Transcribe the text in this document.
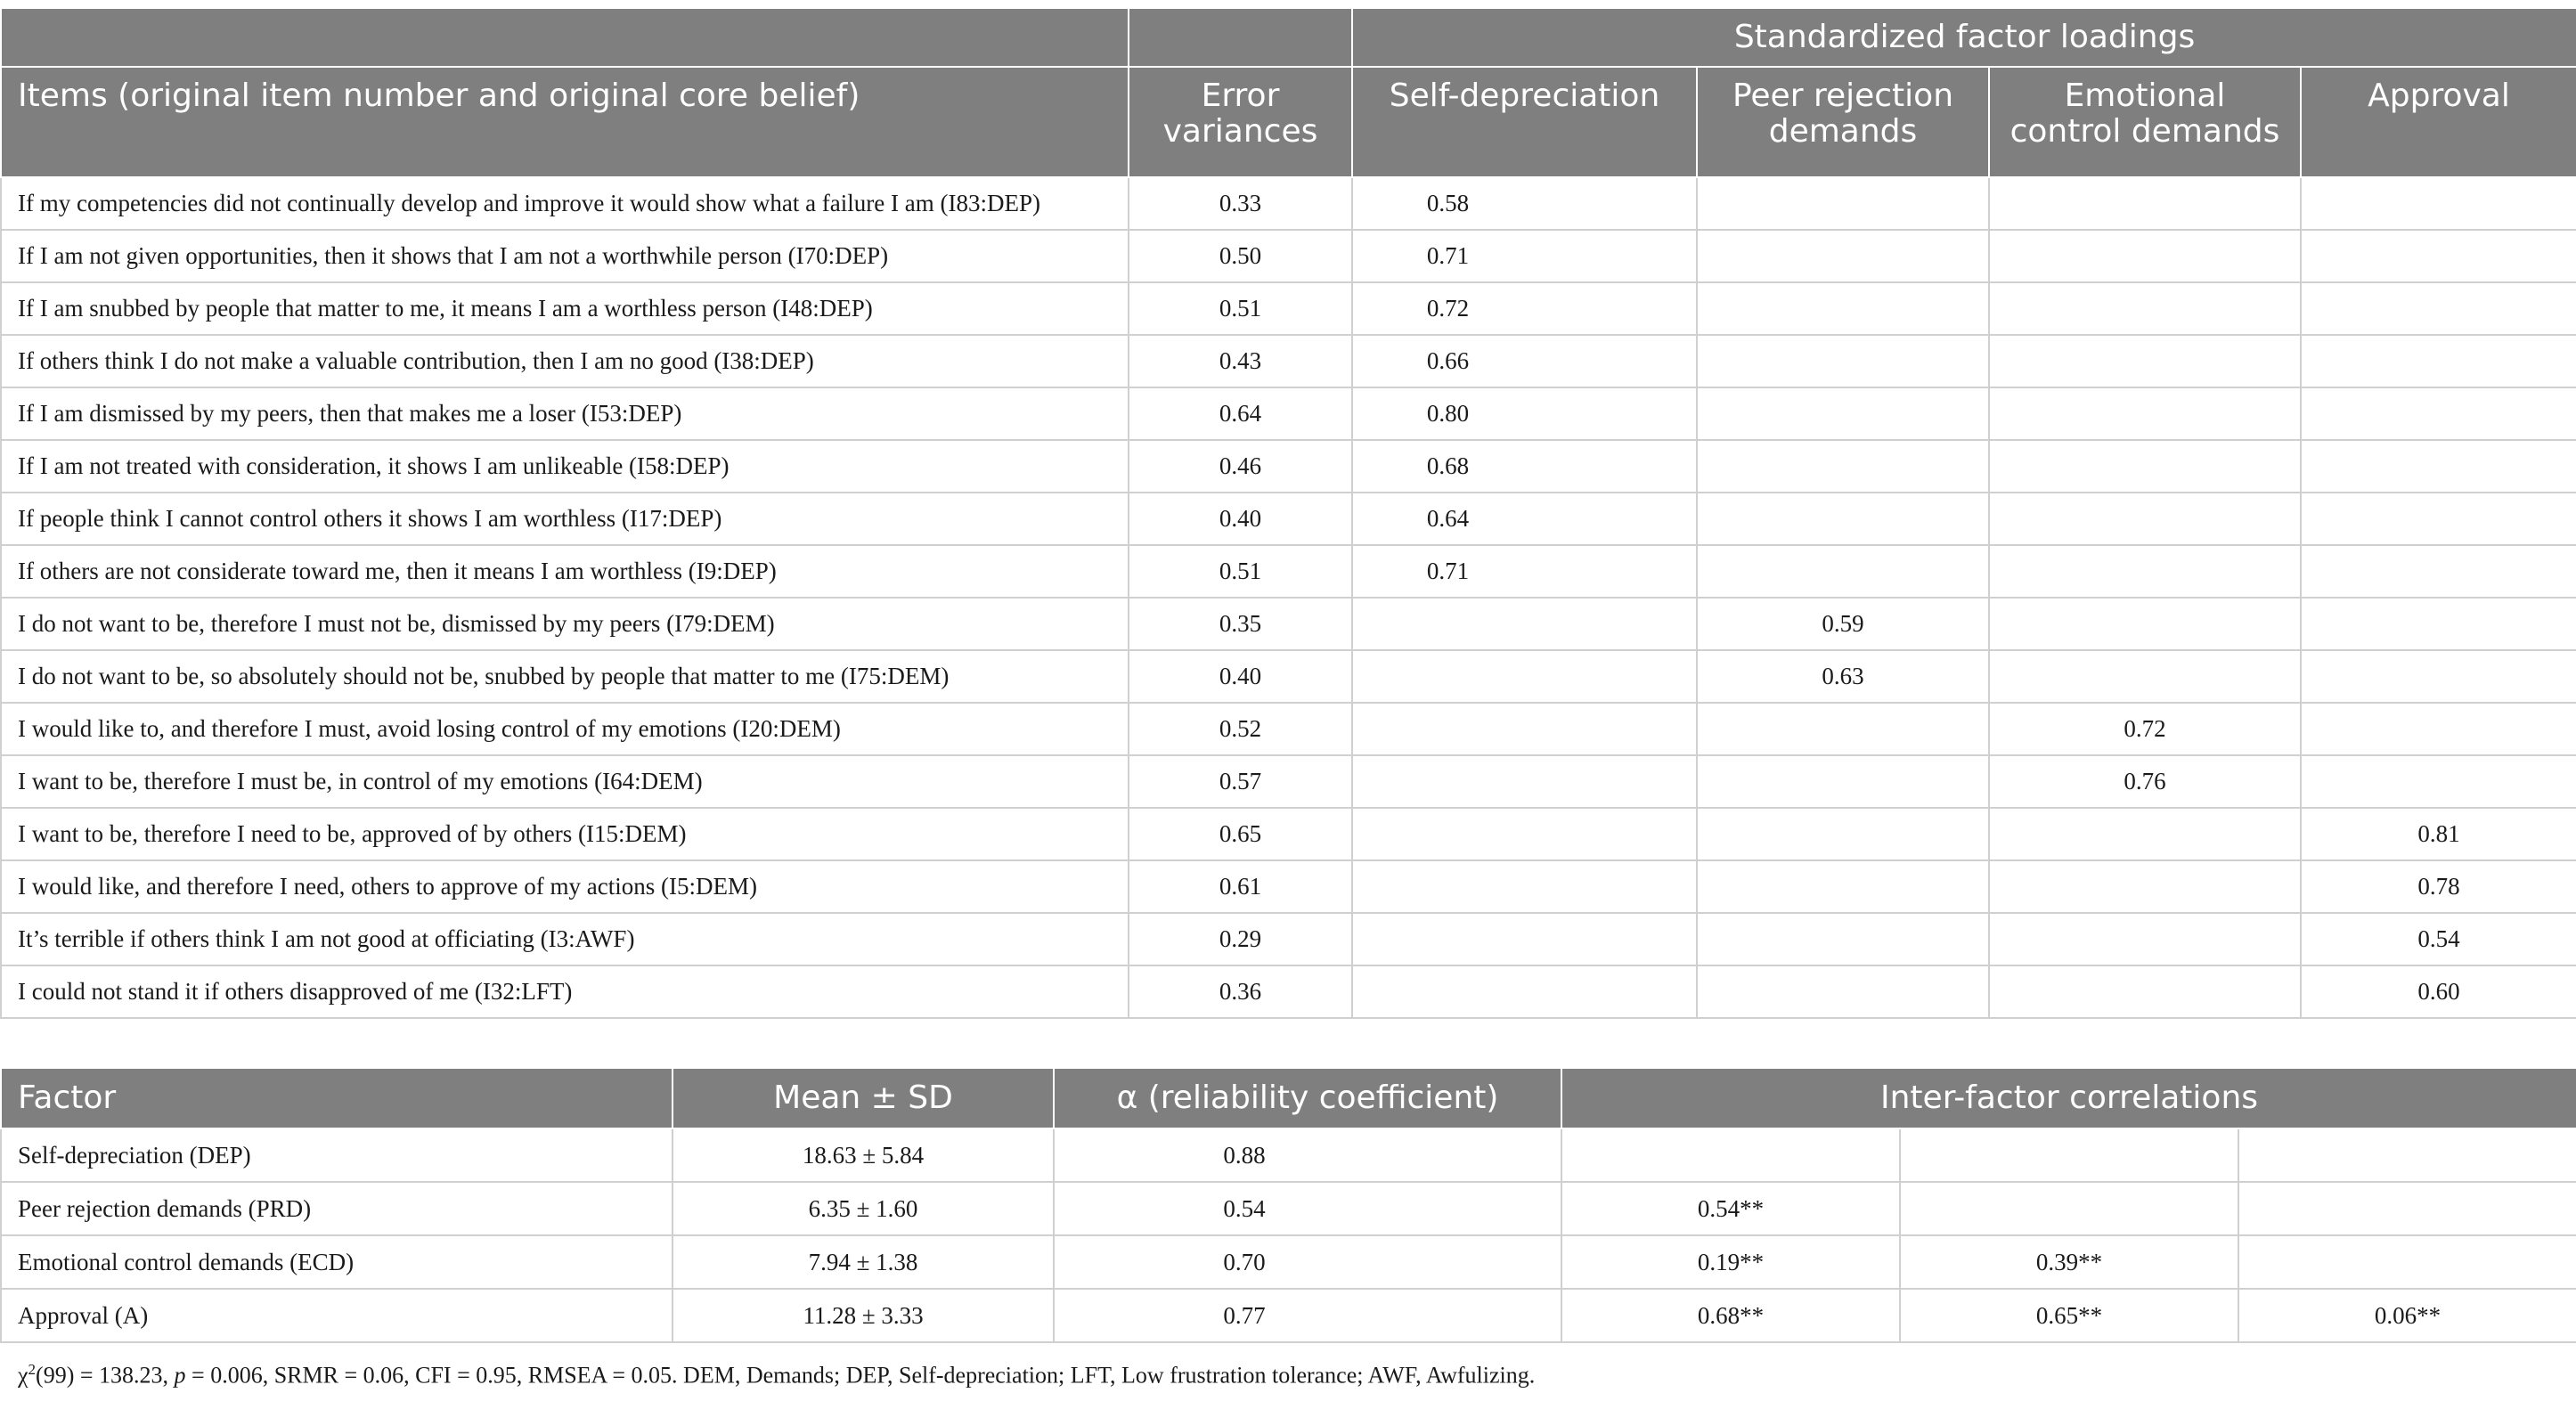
		Standardized factor loadings			
Items (original item number and original core belief)	Error variances	Self-depreciation	Peer rejection demands	Emotional control demands	Approval
If my competencies did not continually develop and improve it would show what a failure I am (I83:DEP)	0.33	0.58			
If I am not given opportunities, then it shows that I am not a worthwhile person (I70:DEP)	0.50	0.71			
If I am snubbed by people that matter to me, it means I am a worthless person (I48:DEP)	0.51	0.72			
If others think I do not make a valuable contribution, then I am no good (I38:DEP)	0.43	0.66			
If I am dismissed by my peers, then that makes me a loser (I53:DEP)	0.64	0.80			
If I am not treated with consideration, it shows I am unlikeable (I58:DEP)	0.46	0.68			
If people think I cannot control others it shows I am worthless (I17:DEP)	0.40	0.64			
If others are not considerate toward me, then it means I am worthless (I9:DEP)	0.51	0.71			
I do not want to be, therefore I must not be, dismissed by my peers (I79:DEM)	0.35		0.59		
I do not want to be, so absolutely should not be, snubbed by people that matter to me (I75:DEM)	0.40		0.63		
I would like to, and therefore I must, avoid losing control of my emotions (I20:DEM)	0.52			0.72	
I want to be, therefore I must be, in control of my emotions (I64:DEM)	0.57			0.76	
I want to be, therefore I need to be, approved of by others (I15:DEM)	0.65				0.81
I would like, and therefore I need, others to approve of my actions (I5:DEM)	0.61				0.78
It’s terrible if others think I am not good at officiating (I3:AWF)	0.29				0.54
I could not stand it if others disapproved of me (I32:LFT)	0.36				0.60
Factor	Mean ± SD	α (reliability coefficient)	Inter-factor correlations		
Self-depreciation (DEP)	18.63 ± 5.84	0.88			
Peer rejection demands (PRD)	6.35 ± 1.60	0.54	0.54**		
Emotional control demands (ECD)	7.94 ± 1.38	0.70	0.19**	0.39**	
Approval (A)	11.28 ± 3.33	0.77	0.68**	0.65**	0.06**
$\chi^2(99) = 138.23$, p = 0.006, SRMR = 0.06, CFI = 0.95, RMSEA = 0.05. DEM, Demands; DEP, Self-depreciation; LFT, Low frustration tolerance; AWF, Awfulizing.
